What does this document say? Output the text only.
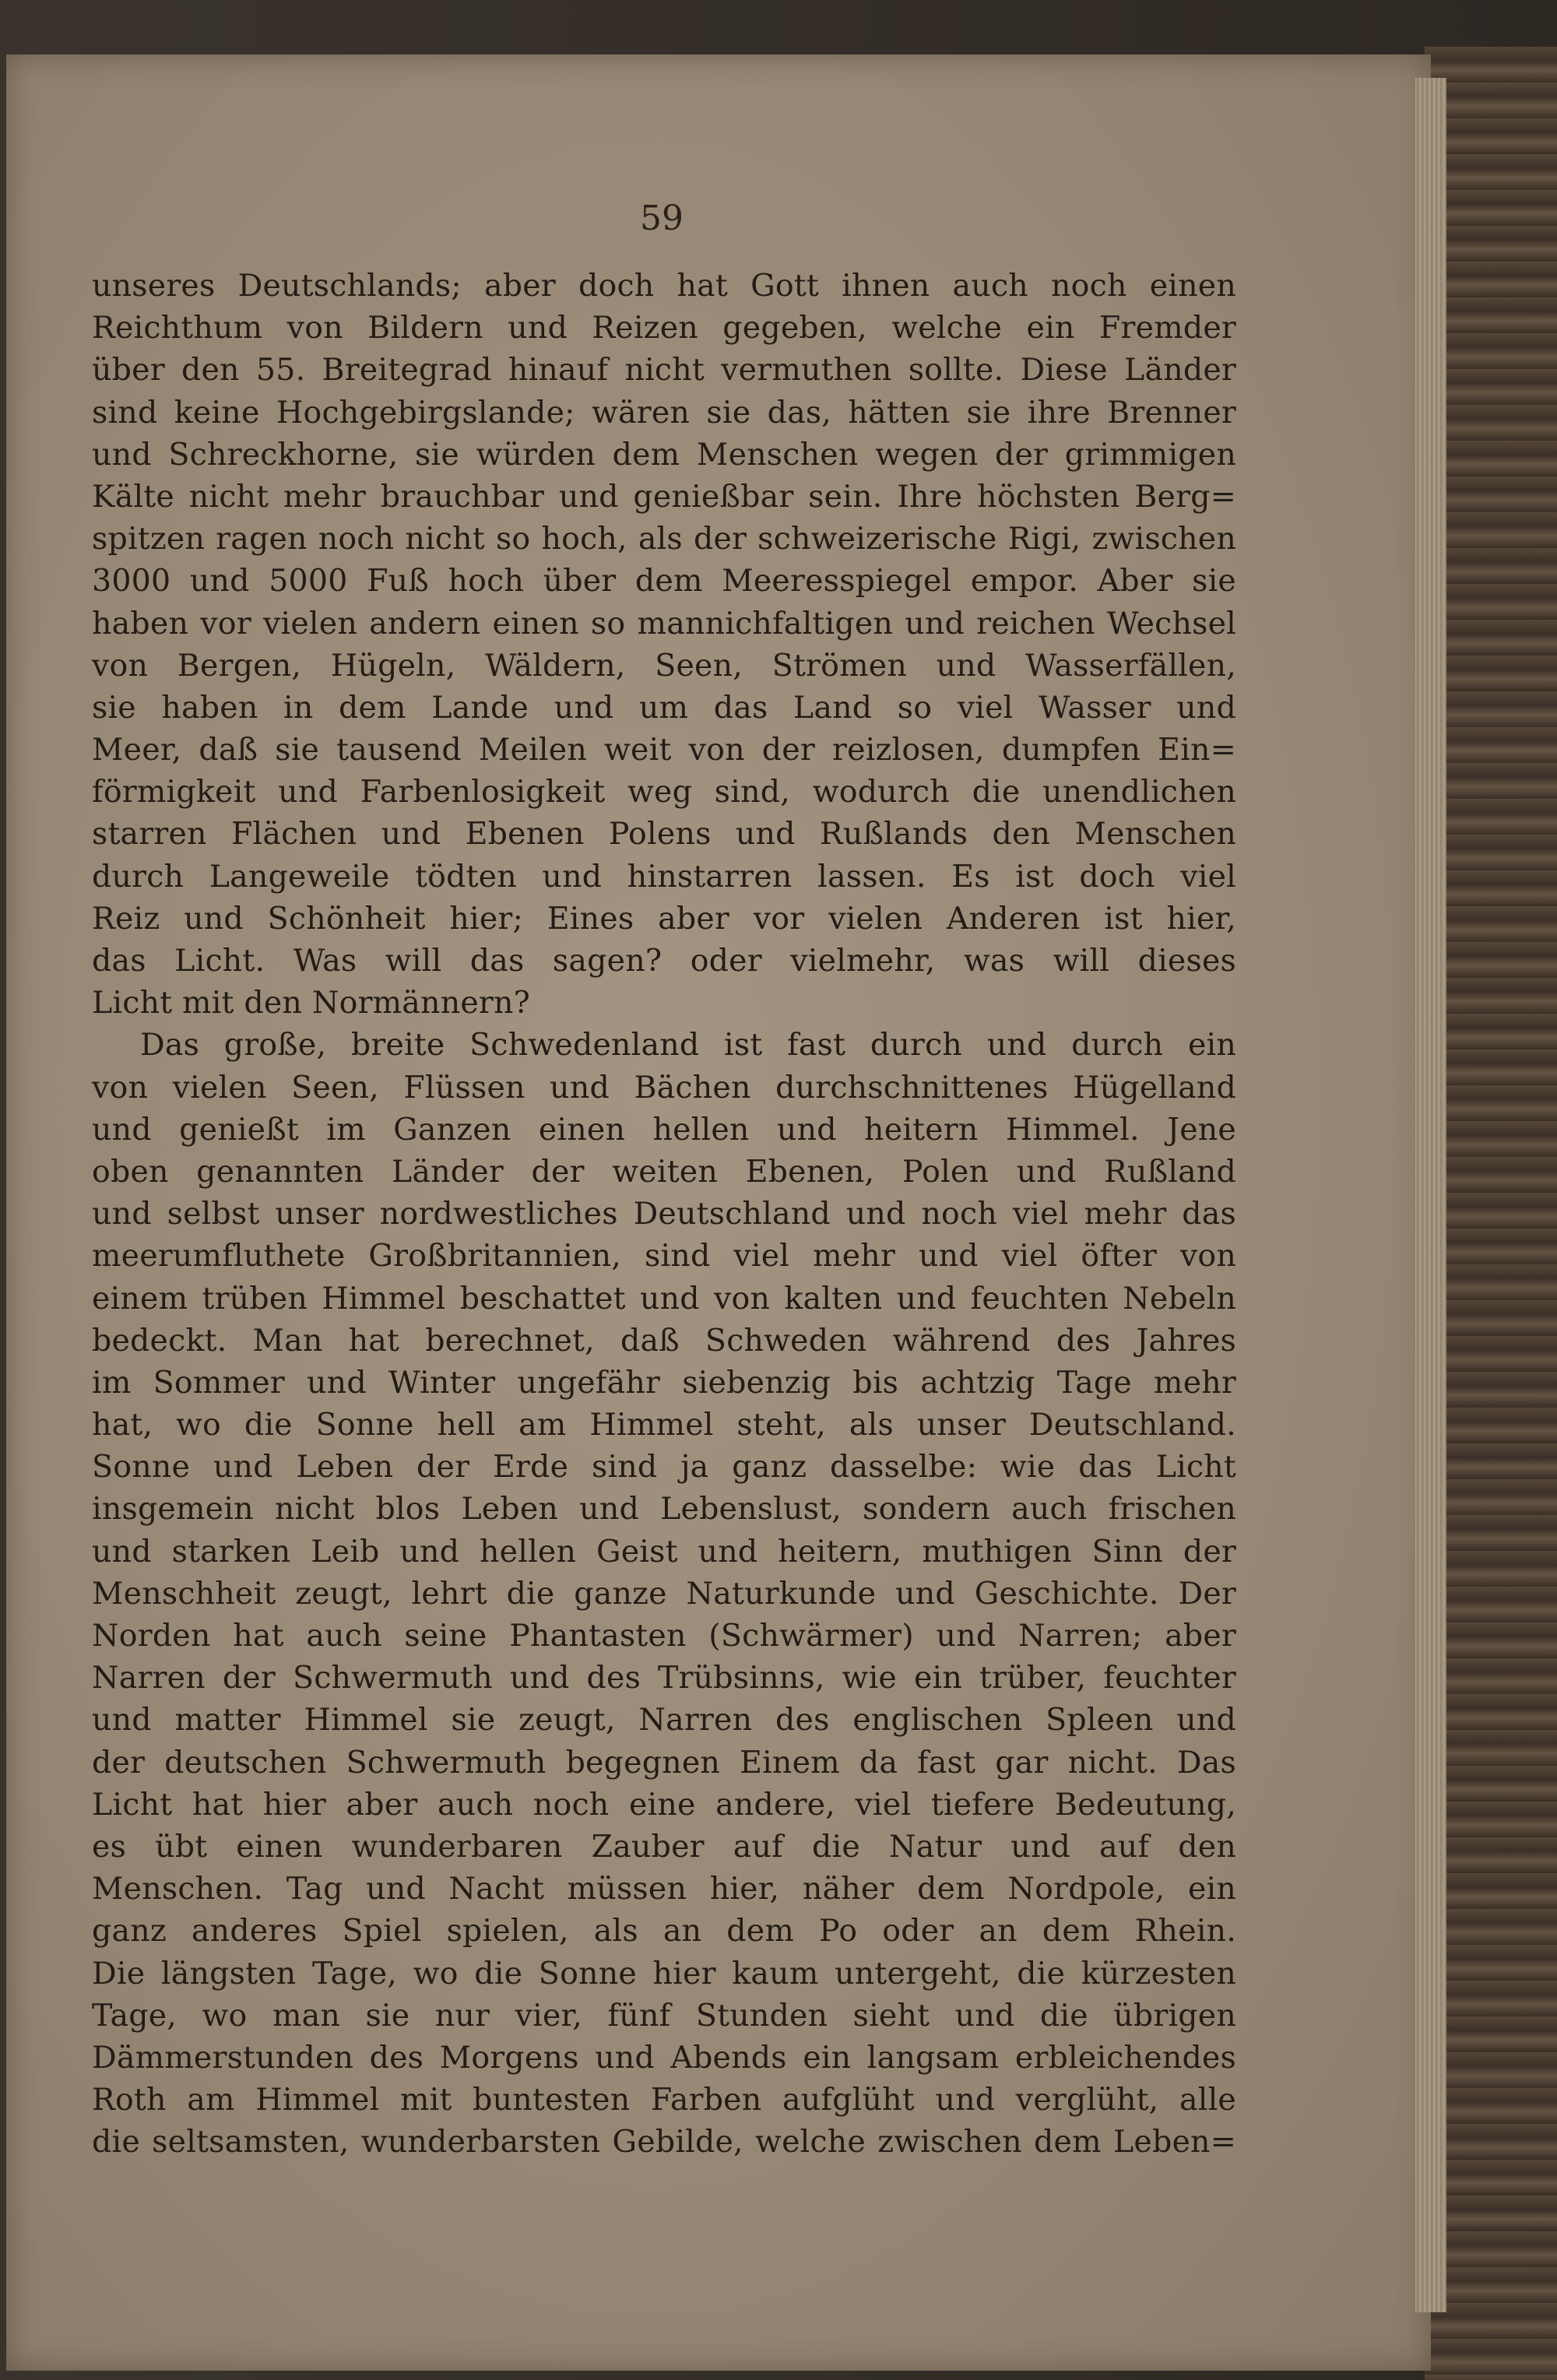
59
unseres Deutschlands; aber doch hat Gott ihnen auch noch einen
Reichthum von Bildern und Reizen gegeben, welche ein Fremder
über den 55. Breitegrad hinauf nicht vermuthen sollte. Diese Länder
sind keine Hochgebirgslande; wären sie das, hätten sie ihre Brenner
und Schreckhorne, sie würden dem Menschen wegen der grimmigen
Kälte nicht mehr brauchbar und genießbar sein. Ihre höchsten Berg=
spitzen ragen noch nicht so hoch, als der schweizerische Rigi, zwischen
3000 und 5000 Fuß hoch über dem Meeresspiegel empor. Aber sie
haben vor vielen andern einen so mannichfaltigen und reichen Wechsel
von Bergen, Hügeln, Wäldern, Seen, Strömen und Wasserfällen,
sie haben in dem Lande und um das Land so viel Wasser und
Meer, daß sie tausend Meilen weit von der reizlosen, dumpfen Ein=
förmigkeit und Farbenlosigkeit weg sind, wodurch die unendlichen
starren Flächen und Ebenen Polens und Rußlands den Menschen
durch Langeweile tödten und hinstarren lassen. Es ist doch viel
Reiz und Schönheit hier; Eines aber vor vielen Anderen ist hier,
das Licht. Was will das sagen? oder vielmehr, was will dieses
Licht mit den Normännern?
Das große, breite Schwedenland ist fast durch und durch ein
von vielen Seen, Flüssen und Bächen durchschnittenes Hügelland
und genießt im Ganzen einen hellen und heitern Himmel. Jene
oben genannten Länder der weiten Ebenen, Polen und Rußland
und selbst unser nordwestliches Deutschland und noch viel mehr das
meerumfluthete Großbritannien, sind viel mehr und viel öfter von
einem trüben Himmel beschattet und von kalten und feuchten Nebeln
bedeckt. Man hat berechnet, daß Schweden während des Jahres
im Sommer und Winter ungefähr siebenzig bis achtzig Tage mehr
hat, wo die Sonne hell am Himmel steht, als unser Deutschland.
Sonne und Leben der Erde sind ja ganz dasselbe: wie das Licht
insgemein nicht blos Leben und Lebenslust, sondern auch frischen
und starken Leib und hellen Geist und heitern, muthigen Sinn der
Menschheit zeugt, lehrt die ganze Naturkunde und Geschichte. Der
Norden hat auch seine Phantasten (Schwärmer) und Narren; aber
Narren der Schwermuth und des Trübsinns, wie ein trüber, feuchter
und matter Himmel sie zeugt, Narren des englischen Spleen und
der deutschen Schwermuth begegnen Einem da fast gar nicht. Das
Licht hat hier aber auch noch eine andere, viel tiefere Bedeutung,
es übt einen wunderbaren Zauber auf die Natur und auf den
Menschen. Tag und Nacht müssen hier, näher dem Nordpole, ein
ganz anderes Spiel spielen, als an dem Po oder an dem Rhein.
Die längsten Tage, wo die Sonne hier kaum untergeht, die kürzesten
Tage, wo man sie nur vier, fünf Stunden sieht und die übrigen
Dämmerstunden des Morgens und Abends ein langsam erbleichendes
Roth am Himmel mit buntesten Farben aufglüht und verglüht, alle
die seltsamsten, wunderbarsten Gebilde, welche zwischen dem Leben=
